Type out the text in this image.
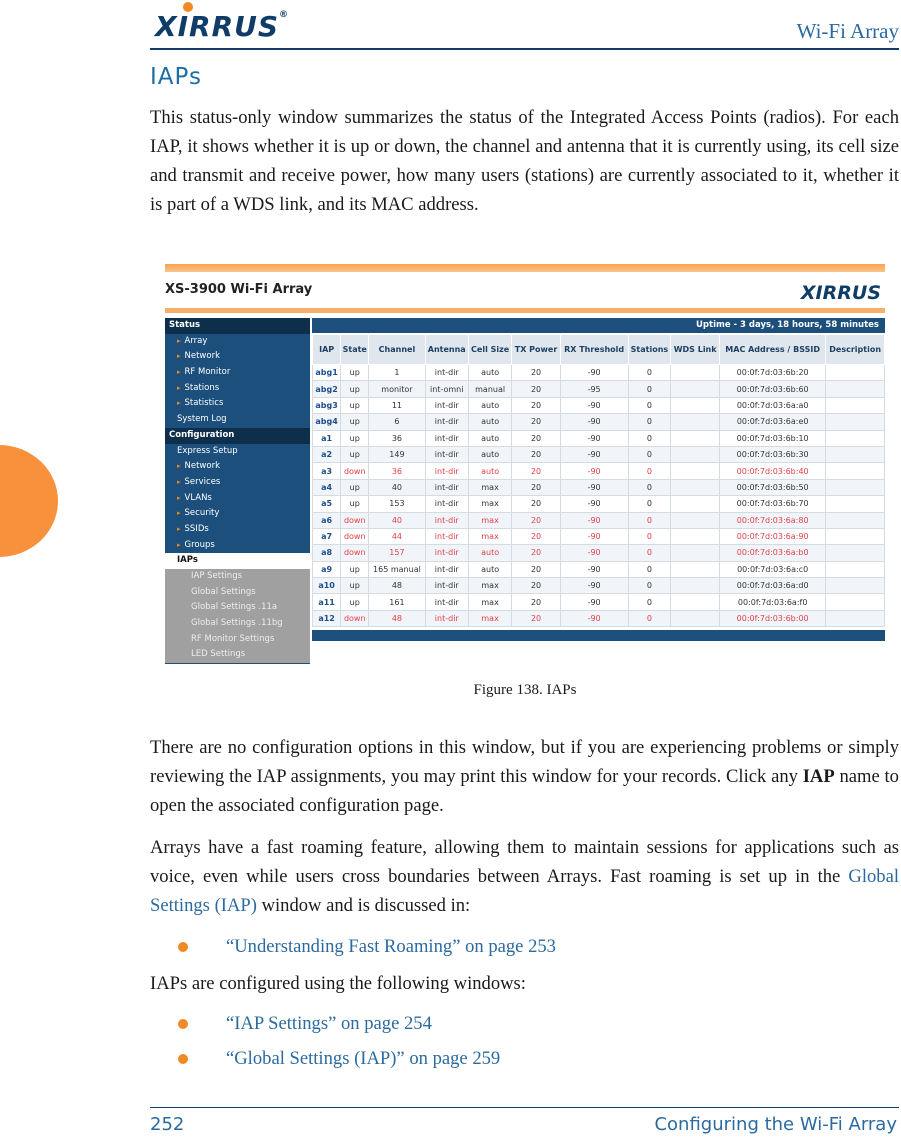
XIRRUS®
Wi-Fi Array
IAPs

This status-only window summarizes the status of the Integrated Access Points (radios). For each IAP, it shows whether it is up or down, the channel and antenna that it is currently using, its cell size and transmit and receive power, how many users (stations) are currently associated to it, whether it is part of a WDS link, and its MAC address.

XS-3900 Wi-Fi Array	XIRRUS
Status
▸ Array
▸ Network
▸ RF Monitor
▸ Stations
▸ Statistics
System Log
Configuration
Express Setup
▸ Network
▸ Services
▸ VLANs
▸ Security
▸ SSIDs
▸ Groups
IAPs
IAP Settings
Global Settings
Global Settings .11a
Global Settings .11bg
RF Monitor Settings
LED Settings
Uptime - 3 days, 18 hours, 58 minutes
IAP	State	Channel	Antenna	Cell Size	TX Power	RX Threshold	Stations	WDS Link	MAC Address / BSSID	Description
abg1	up	1	int-dir	auto	20	-90	0		00:0f:7d:03:6b:20	
abg2	up	monitor	int-omni	manual	20	-95	0		00:0f:7d:03:6b:60	
abg3	up	11	int-dir	auto	20	-90	0		00:0f:7d:03:6a:a0	
abg4	up	6	int-dir	auto	20	-90	0		00:0f:7d:03:6a:e0	
a1	up	36	int-dir	auto	20	-90	0		00:0f:7d:03:6b:10	
a2	up	149	int-dir	auto	20	-90	0		00:0f:7d:03:6b:30	
a3	down	36	int-dir	auto	20	-90	0		00:0f:7d:03:6b:40	
a4	up	40	int-dir	max	20	-90	0		00:0f:7d:03:6b:50	
a5	up	153	int-dir	max	20	-90	0		00:0f:7d:03:6b:70	
a6	down	40	int-dir	max	20	-90	0		00:0f:7d:03:6a:80	
a7	down	44	int-dir	max	20	-90	0		00:0f:7d:03:6a:90	
a8	down	157	int-dir	auto	20	-90	0		00:0f:7d:03:6a:b0	
a9	up	165 manual	int-dir	auto	20	-90	0		00:0f:7d:03:6a:c0	
a10	up	48	int-dir	max	20	-90	0		00:0f:7d:03:6a:d0	
a11	up	161	int-dir	max	20	-90	0		00:0f:7d:03:6a:f0	
a12	down	48	int-dir	max	20	-90	0		00:0f:7d:03:6b:00	
Figure 138. IAPs

There are no configuration options in this window, but if you are experiencing problems or simply reviewing the IAP assignments, you may print this window for your records. Click any IAP name to open the associated configuration page.

Arrays have a fast roaming feature, allowing them to maintain sessions for applications such as voice, even while users cross boundaries between Arrays. Fast roaming is set up in the Global Settings (IAP) window and is discussed in:

“Understanding Fast Roaming” on page 253

IAPs are configured using the following windows:

“IAP Settings” on page 254
“Global Settings (IAP)” on page 259
252	Configuring the Wi-Fi Array
